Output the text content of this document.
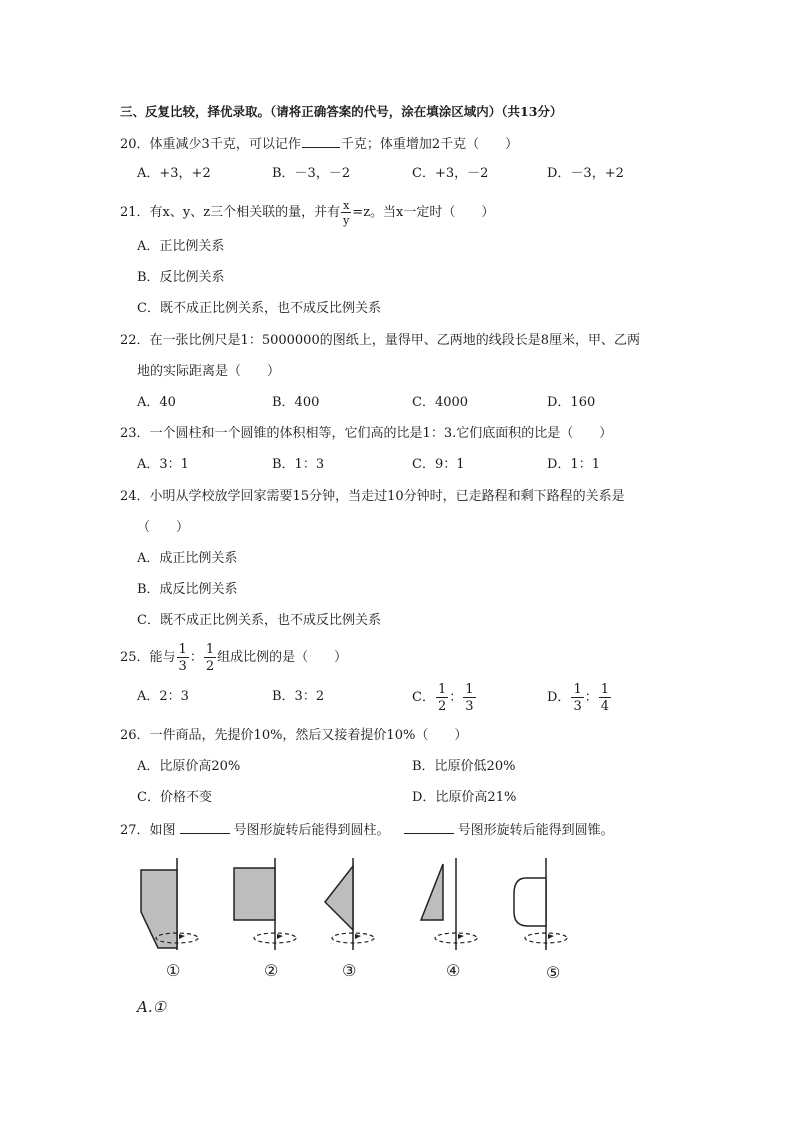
三、反复比较，择优录取。（请将正确答案的代号，涂在填涂区域内）（共13分）
20．体重减少3千克，可以记作	千克；体重增加2千克（　　）
A．+3，+2	B．－3，－2	C．+3，－2	D．－3，+2
21．有x、y、z三个相关联的量，并有 $\frac{x}{y} =z$。当x一定时（　　）
A．正比例关系
B．反比例关系
C．既不成正比例关系，也不成反比例关系
22．在一张比例尺是1：5000000的图纸上，量得甲、乙两地的线段长是8厘米，甲、乙两
地的实际距离是（　　）
A．40	B．400	C．4000	D．160
23．一个圆柱和一个圆锥的体积相等，它们高的比是1：3.它们底面积的比是（　　）
A．3：1	B．1：3	C．9：1	D．1：1
24．小明从学校放学回家需要15分钟，当走过10分钟时，已走路程和剩下路程的关系是
（　　）
A．成正比例关系
B．成反比例关系
C．既不成正比例关系，也不成反比例关系
25．能与 $\frac{1}{3}$ ： $\frac{1}{2}$ 组成比例的是（　　）
A．2：3	B．3：2	C． $\frac{1}{2}$ ： $\frac{1}{3}$	D． $\frac{1}{3}$ ： $\frac{1}{4}$
26．一件商品，先提价10%，然后又接着提价10%（　　）
A．比原价高20%	B．比原价低20%
C．价格不变	D．比原价高21%
27．如图	号图形旋转后能得到圆柱。	号图形旋转后能得到圆锥。
①	②	③	④	⑤
A.①
